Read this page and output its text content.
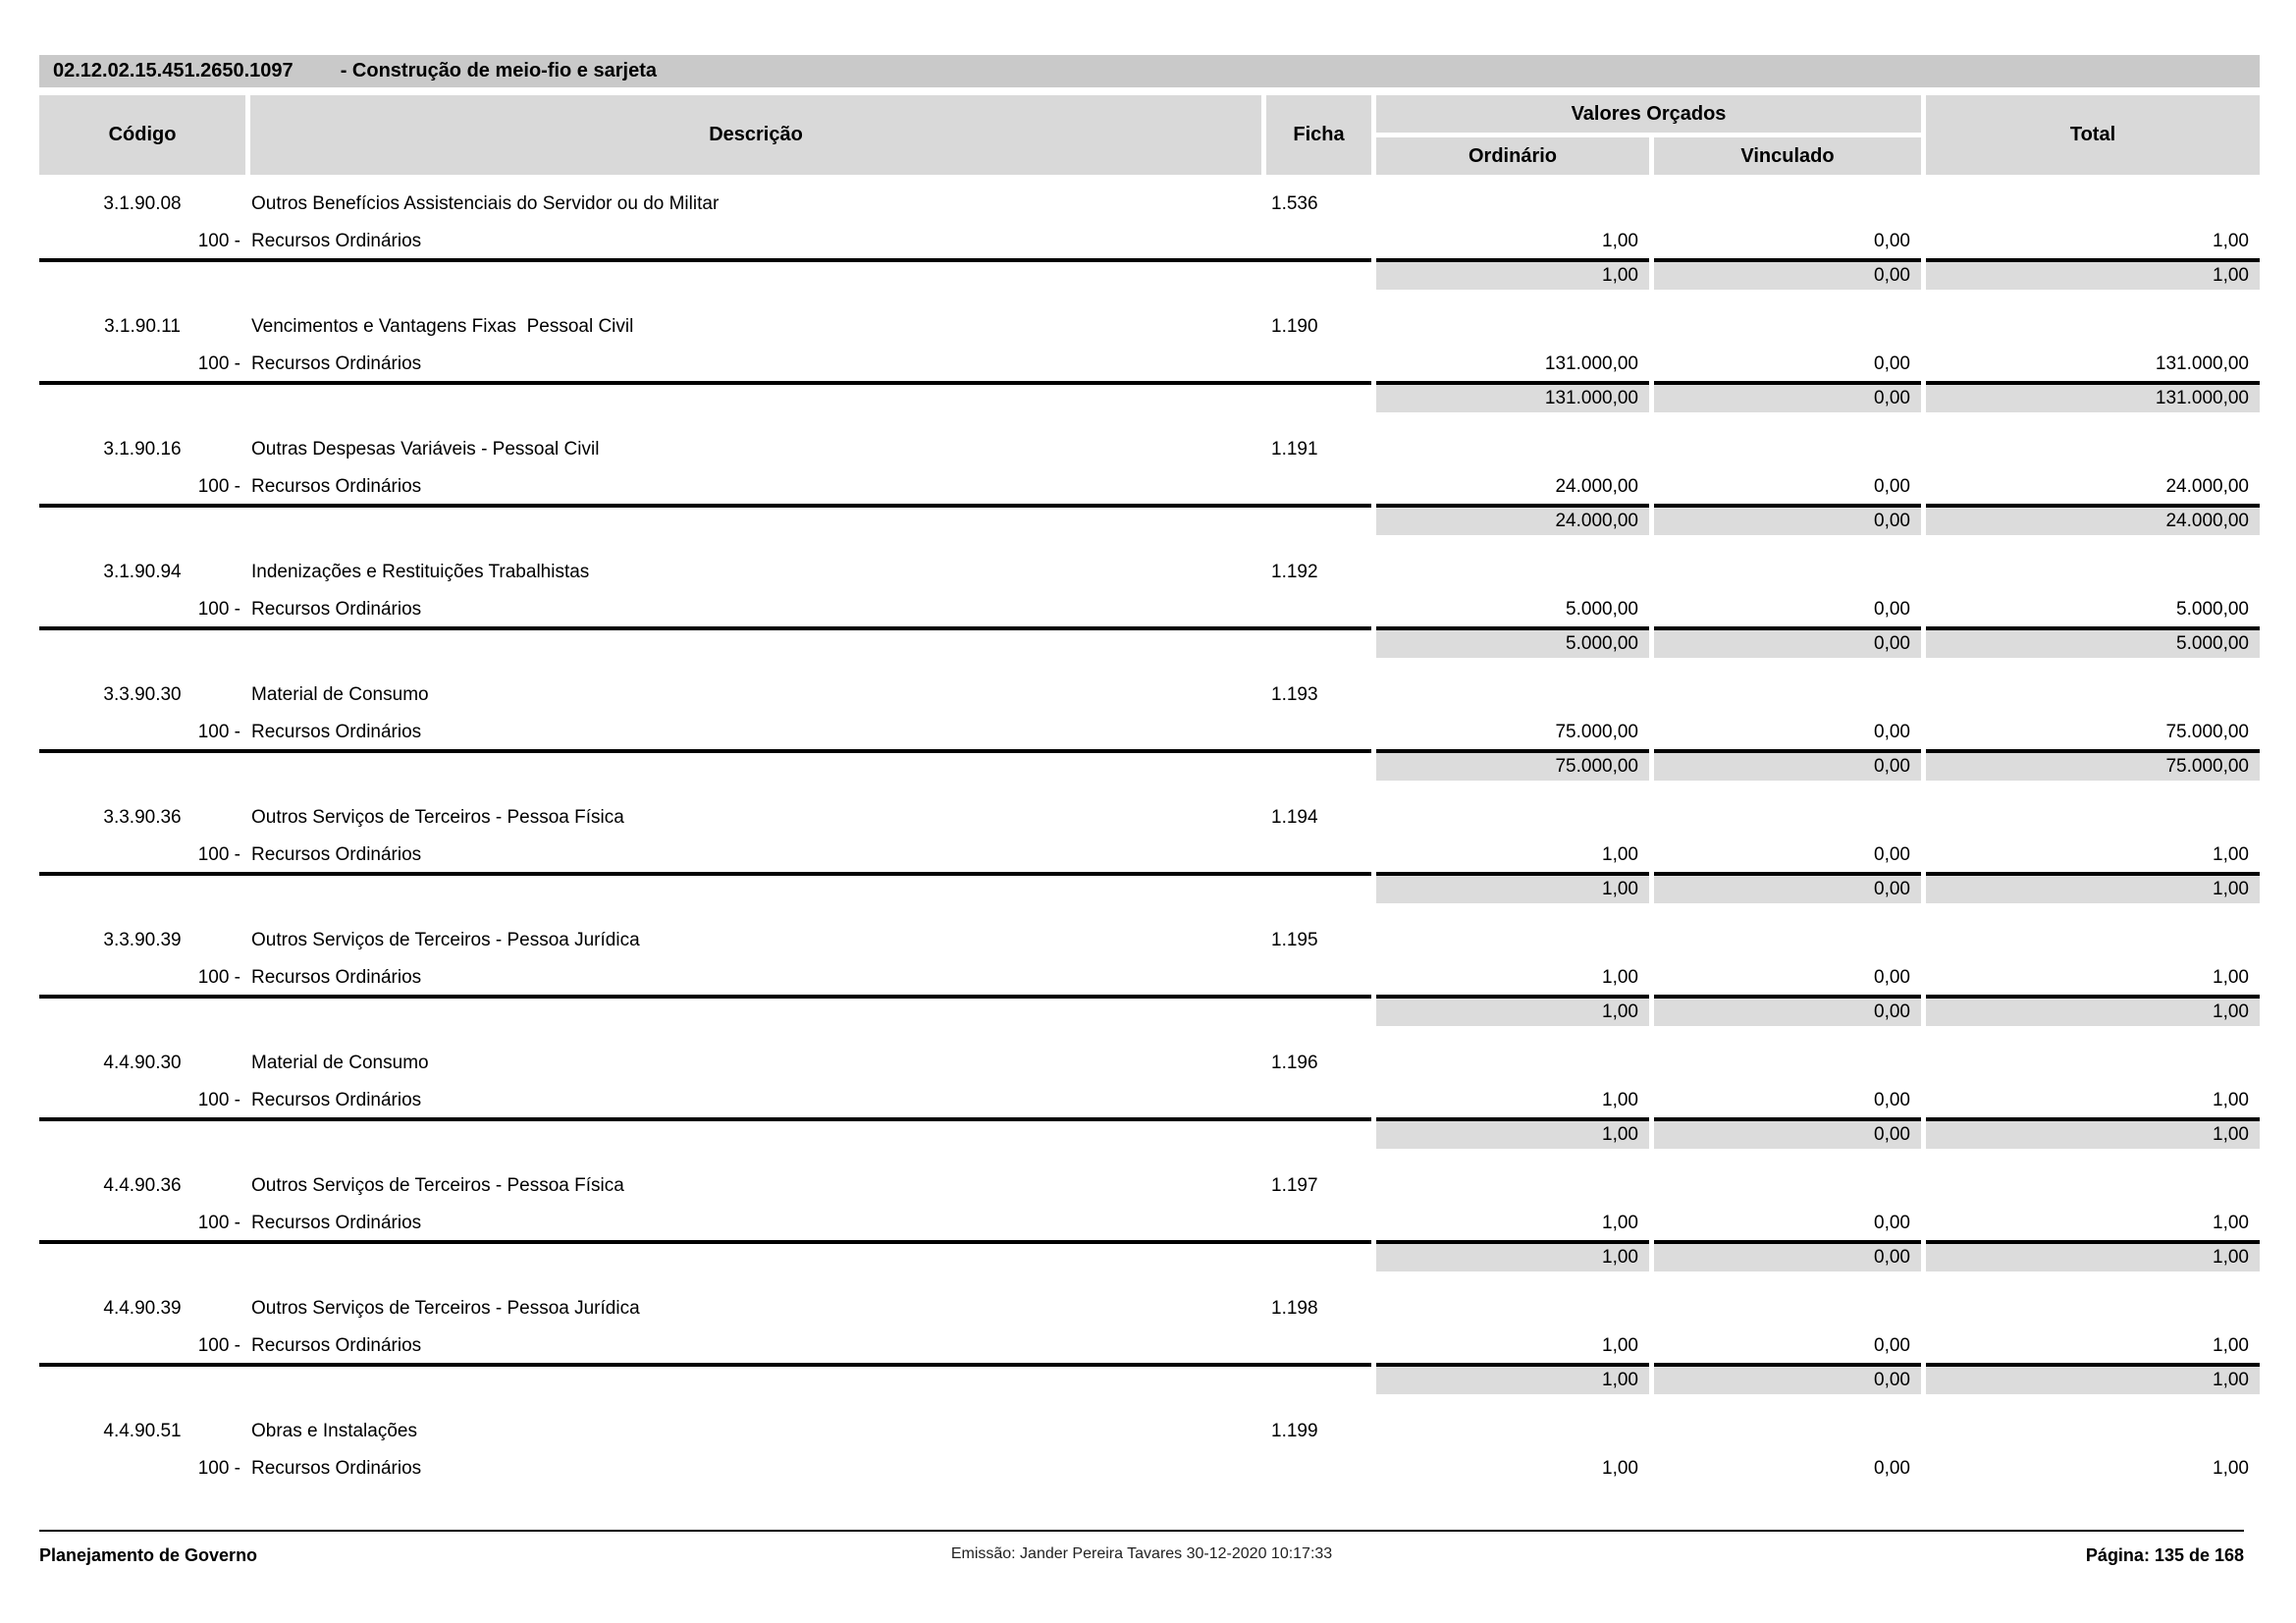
02.12.02.15.451.2650.1097 - Construção de meio-fio e sarjeta
Código	Descrição	Ficha
Valores Orçados
Ordinário	Vinculado
Total
3.1.90.08	Outros Benefícios Assistenciais do Servidor ou do Militar	1.536
100 - Recursos Ordinários	1,00	0,00	1,00
1,00	0,00	1,00
3.1.90.11	Vencimentos e Vantagens Fixas  Pessoal Civil	1.190
100 - Recursos Ordinários	131.000,00	0,00	131.000,00
131.000,00	0,00	131.000,00
3.1.90.16	Outras Despesas Variáveis - Pessoal Civil	1.191
100 - Recursos Ordinários	24.000,00	0,00	24.000,00
24.000,00	0,00	24.000,00
3.1.90.94	Indenizações e Restituições Trabalhistas	1.192
100 - Recursos Ordinários	5.000,00	0,00	5.000,00
5.000,00	0,00	5.000,00
3.3.90.30	Material de Consumo	1.193
100 - Recursos Ordinários	75.000,00	0,00	75.000,00
75.000,00	0,00	75.000,00
3.3.90.36	Outros Serviços de Terceiros - Pessoa Física	1.194
100 - Recursos Ordinários	1,00	0,00	1,00
1,00	0,00	1,00
3.3.90.39	Outros Serviços de Terceiros - Pessoa Jurídica	1.195
100 - Recursos Ordinários	1,00	0,00	1,00
1,00	0,00	1,00
4.4.90.30	Material de Consumo	1.196
100 - Recursos Ordinários	1,00	0,00	1,00
1,00	0,00	1,00
4.4.90.36	Outros Serviços de Terceiros - Pessoa Física	1.197
100 - Recursos Ordinários	1,00	0,00	1,00
1,00	0,00	1,00
4.4.90.39	Outros Serviços de Terceiros - Pessoa Jurídica	1.198
100 - Recursos Ordinários	1,00	0,00	1,00
1,00	0,00	1,00
4.4.90.51	Obras e Instalações	1.199
100 - Recursos Ordinários	1,00	0,00	1,00
Planejamento de Governo	Emissão: Jander Pereira Tavares 30-12-2020 10:17:33	Página: 135 de 168
